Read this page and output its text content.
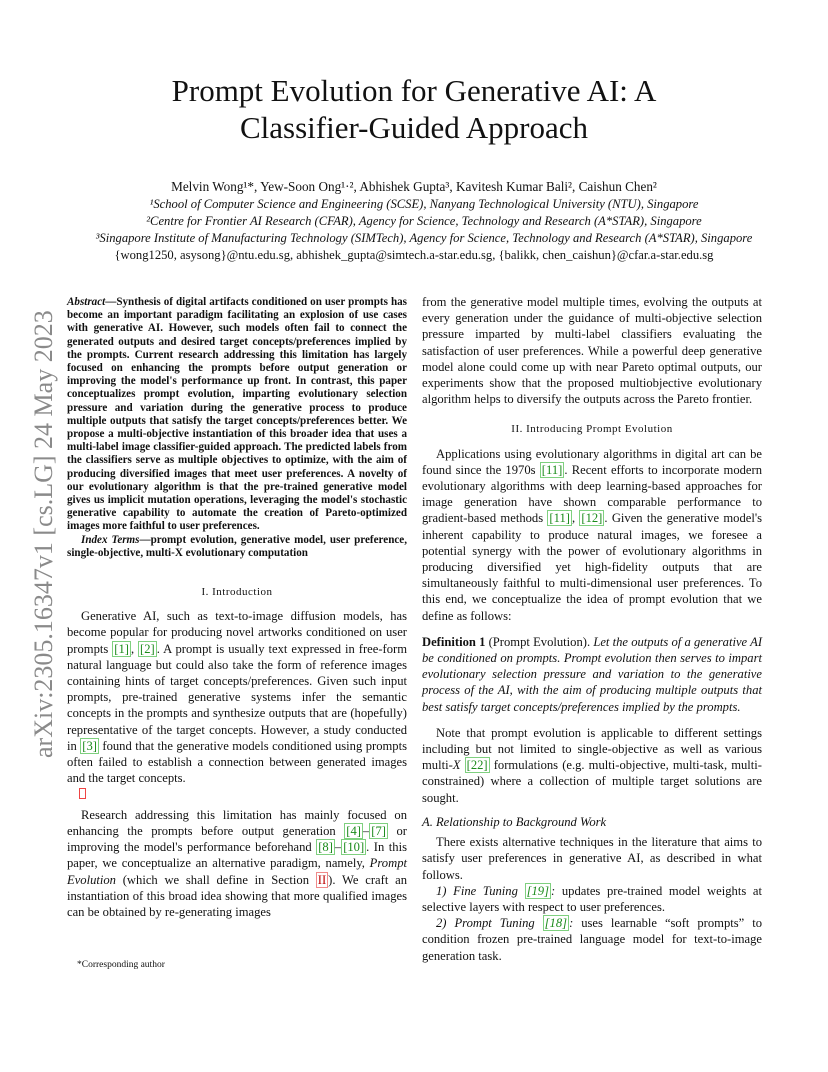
arXiv:2305.16347v1 [cs.LG] 24 May 2023
Prompt Evolution for Generative AI: A
Classifier-Guided Approach
Melvin Wong¹*, Yew-Soon Ong¹·², Abhishek Gupta³, Kavitesh Kumar Bali², Caishun Chen²
¹School of Computer Science and Engineering (SCSE), Nanyang Technological University (NTU), Singapore
²Centre for Frontier AI Research (CFAR), Agency for Science, Technology and Research (A*STAR), Singapore
³Singapore Institute of Manufacturing Technology (SIMTech), Agency for Science, Technology and Research (A*STAR), Singapore
{wong1250, asysong}@ntu.edu.sg, abhishek_gupta@simtech.a-star.edu.sg, {balikk, chen_caishun}@cfar.a-star.edu.sg

Abstract—Synthesis of digital artifacts conditioned on user prompts has become an important paradigm facilitating an explosion of use cases with generative AI. However, such models often fail to connect the generated outputs and desired target concepts/preferences implied by the prompts. Current research addressing this limitation has largely focused on enhancing the prompts before output generation or improving the model's performance up front. In contrast, this paper conceptualizes prompt evolution, imparting evolutionary selection pressure and variation during the generative process to produce multiple outputs that satisfy the target concepts/preferences better. We propose a multi-objective instantiation of this broader idea that uses a multi-label image classifier-guided approach. The predicted labels from the classifiers serve as multiple objectives to optimize, with the aim of producing diversified images that meet user preferences. A novelty of our evolutionary algorithm is that the pre-trained generative model gives us implicit mutation operations, leveraging the model's stochastic generative capability to automate the creation of Pareto-optimized images more faithful to user preferences.

Index Terms—prompt evolution, generative model, user preference, single-objective, multi-X evolutionary computation

I. Introduction

Generative AI, such as text-to-image diffusion models, has become popular for producing novel artworks conditioned on user prompts [1] , [2] . A prompt is usually text expressed in free-form natural language but could also take the form of reference images containing hints of target concepts/preferences. Given such input prompts, pre-trained generative systems infer the semantic concepts in the prompts and synthesize outputs that are (hopefully) representative of the target concepts. However, a study conducted in [3] found that the generative models conditioned using prompts often failed to establish a connection between generated images and the target concepts.

Research addressing this limitation has mainly focused on enhancing the prompts before output generation [4] – [7] or improving the model's performance beforehand [8] – [10] . In this paper, we conceptualize an alternative paradigm, namely, Prompt Evolution (which we shall define in Section II ). We craft an instantiation of this broad idea showing that more qualified images can be obtained by re-generating images

*Corresponding author

from the generative model multiple times, evolving the outputs at every generation under the guidance of multi-objective selection pressure imparted by multi-label classifiers evaluating the satisfaction of user preferences. While a powerful deep generative model alone could come up with near Pareto optimal outputs, our experiments show that the proposed multiobjective evolutionary algorithm helps to diversify the outputs across the Pareto frontier.

II. Introducing Prompt Evolution

Applications using evolutionary algorithms in digital art can be found since the 1970s [11] . Recent efforts to incorporate modern evolutionary algorithms with deep learning-based approaches for image generation have shown comparable performance to gradient-based methods [11] , [12] . Given the generative model's inherent capability to produce natural images, we foresee a potential synergy with the power of evolutionary algorithms in producing diversified yet high-fidelity outputs that are simultaneously faithful to multi-dimensional user preferences. To this end, we conceptualize the idea of prompt evolution that we define as follows:

Definition 1 (Prompt Evolution). Let the outputs of a generative AI be conditioned on prompts. Prompt evolution then serves to impart evolutionary selection pressure and variation to the generative process of the AI, with the aim of producing multiple outputs that best satisfy target concepts/preferences implied by the prompts.

Note that prompt evolution is applicable to different settings including but not limited to single-objective as well as various multi-X [22] formulations (e.g. multi-objective, multi-task, multi-constrained) where a collection of multiple target solutions are sought.

A. Relationship to Background Work

There exists alternative techniques in the literature that aims to satisfy user preferences in generative AI, as described in what follows.

1) Fine Tuning [19] : updates pre-trained model weights at selective layers with respect to user preferences.

2) Prompt Tuning [18] : uses learnable “soft prompts” to condition frozen pre-trained language model for text-to-image generation task.
